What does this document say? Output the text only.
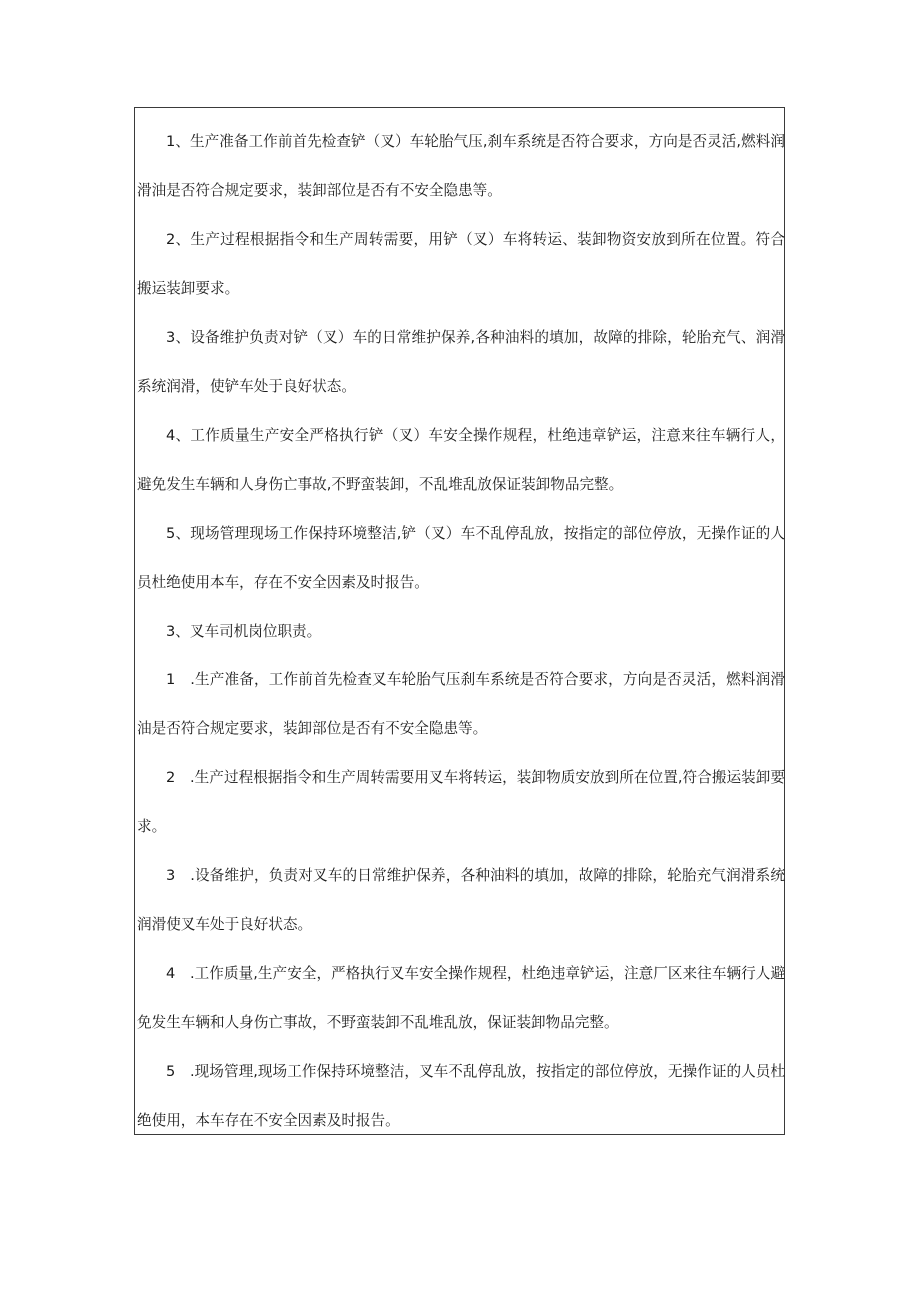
1、生产准备工作前首先检查铲（叉）车轮胎气压,刹车系统是否符合要求，方向是否灵活,燃料润滑油是否符合规定要求，装卸部位是否有不安全隐患等。

2、生产过程根据指令和生产周转需要，用铲（叉）车将转运、装卸物资安放到所在位置。符合搬运装卸要求。

3、设备维护负责对铲（叉）车的日常维护保养,各种油料的填加，故障的排除，轮胎充气、润滑系统润滑，使铲车处于良好状态。

4、工作质量生产安全严格执行铲（叉）车安全操作规程，杜绝违章铲运，注意来往车辆行人，避免发生车辆和人身伤亡事故,不野蛮装卸，不乱堆乱放保证装卸物品完整。

5、现场管理现场工作保持环境整洁,铲（叉）车不乱停乱放，按指定的部位停放，无操作证的人员杜绝使用本车，存在不安全因素及时报告。

3、叉车司机岗位职责。

1　.生产准备，工作前首先检查叉车轮胎气压刹车系统是否符合要求，方向是否灵活，燃料润滑油是否符合规定要求，装卸部位是否有不安全隐患等。

2　.生产过程根据指令和生产周转需要用叉车将转运，装卸物质安放到所在位置,符合搬运装卸要求。

3　.设备维护，负责对叉车的日常维护保养，各种油料的填加，故障的排除，轮胎充气润滑系统润滑使叉车处于良好状态。

4　.工作质量,生产安全，严格执行叉车安全操作规程，杜绝违章铲运，注意厂区来往车辆行人避免发生车辆和人身伤亡事故，不野蛮装卸不乱堆乱放，保证装卸物品完整。

5　.现场管理,现场工作保持环境整洁，叉车不乱停乱放，按指定的部位停放，无操作证的人员杜绝使用，本车存在不安全因素及时报告。
